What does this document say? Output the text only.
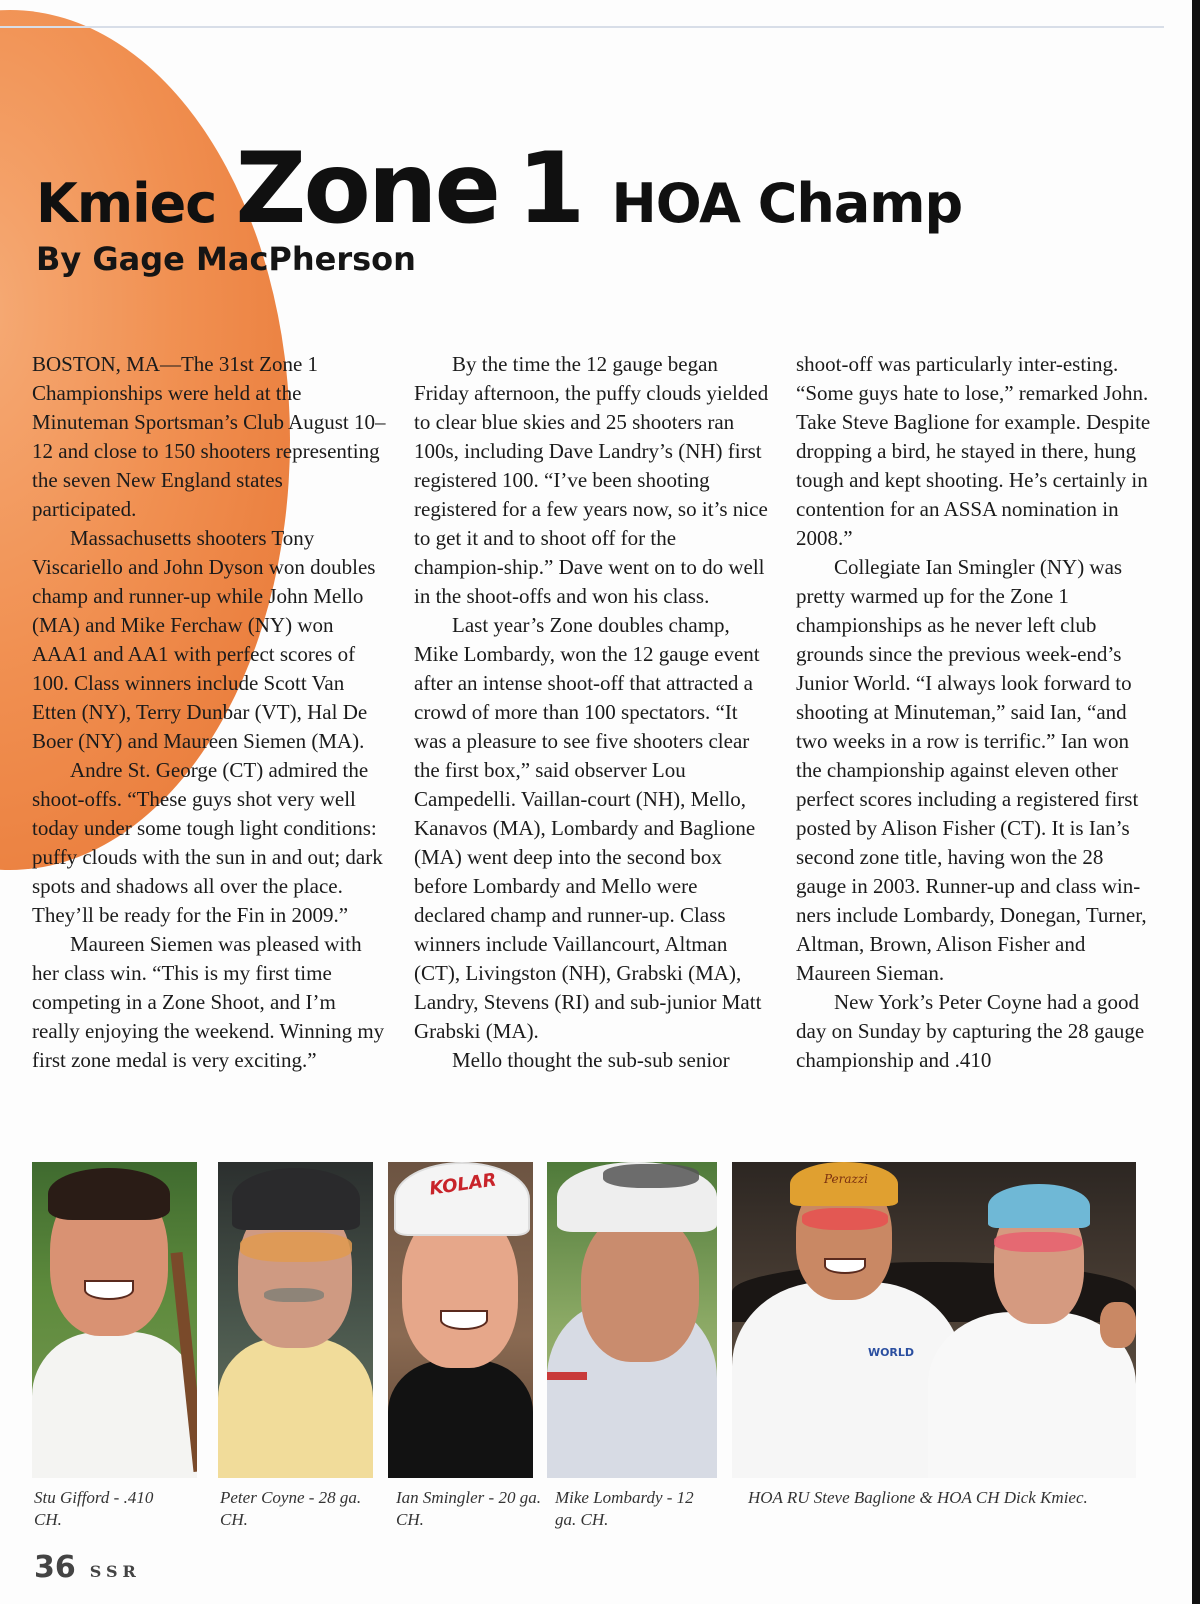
Kmiec Zone 1 HOA Champ
By Gage MacPherson

BOSTON, MA—The 31st Zone 1 Championships were held at the Minuteman Sportsman’s Club August 10–12 and close to 150 shooters representing the seven New England states participated.

Massachusetts shooters Tony Viscariello and John Dyson won doubles champ and runner-up while John Mello (MA) and Mike Ferchaw (NY) won AAA1 and AA1 with perfect scores of 100. Class winners include Scott Van Etten (NY), Terry Dunbar (VT), Hal De Boer (NY) and Maureen Siemen (MA).

Andre St. George (CT) admired the shoot-offs. “These guys shot very well today under some tough light conditions: puffy clouds with the sun in and out; dark spots and shadows all over the place. They’ll be ready for the Fin in 2009.”

Maureen Siemen was pleased with her class win. “This is my first time competing in a Zone Shoot, and I’m really enjoying the weekend. Winning my first zone medal is very exciting.”

By the time the 12 gauge began Friday afternoon, the puffy clouds yielded to clear blue skies and 25 shooters ran 100s, including Dave Landry’s (NH) first registered 100. “I’ve been shooting registered for a few years now, so it’s nice to get it and to shoot off for the champion-ship.” Dave went on to do well in the shoot-offs and won his class.

Last year’s Zone doubles champ, Mike Lombardy, won the 12 gauge event after an intense shoot-off that attracted a crowd of more than 100 spectators. “It was a pleasure to see five shooters clear the first box,” said observer Lou Campedelli. Vaillan-court (NH), Mello, Kanavos (MA), Lombardy and Baglione (MA) went deep into the second box before Lombardy and Mello were declared champ and runner-up. Class winners include Vaillancourt, Altman (CT), Livingston (NH), Grabski (MA), Landry, Stevens (RI) and sub-junior Matt Grabski (MA).

Mello thought the sub-sub senior

shoot-off was particularly inter-esting. “Some guys hate to lose,” remarked John. Take Steve Baglione for example. Despite dropping a bird, he stayed in there, hung tough and kept shooting. He’s certainly in contention for an ASSA nomination in 2008.”

Collegiate Ian Smingler (NY) was pretty warmed up for the Zone 1 championships as he never left club grounds since the previous week-end’s Junior World. “I always look forward to shooting at Minuteman,” said Ian, “and two weeks in a row is terrific.” Ian won the championship against eleven other perfect scores including a registered first posted by Alison Fisher (CT). It is Ian’s second zone title, having won the 28 gauge in 2003. Runner-up and class win-ners include Lombardy, Donegan, Turner, Altman, Brown, Alison Fisher and Maureen Sieman.

New York’s Peter Coyne had a good day on Sunday by capturing the 28 gauge championship and .410

KOLAR	Perazzi
WORLD

Stu Gifford - .410 CH.

Peter Coyne - 28 ga. CH.

Ian Smingler - 20 ga. CH.

Mike Lombardy - 12 ga. CH.

HOA RU Steve Baglione & HOA CH Dick Kmiec.

36 SSR
